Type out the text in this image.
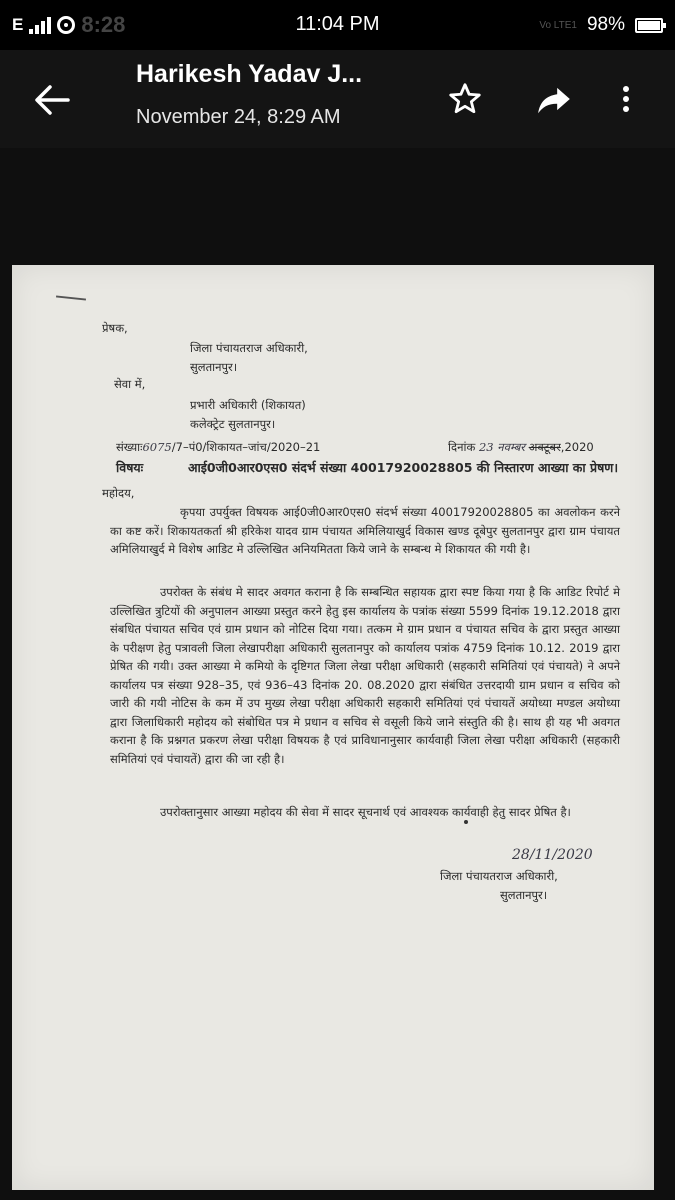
E	8:28	11:04 PM	Vo LTE1 98%
Harikesh Yadav J...
November 24, 8:29 AM
प्रेषक,
जिला पंचायतराज अधिकारी,
सुलतानपुर।
सेवा में,
प्रभारी अधिकारी (शिकायत)
कलेक्ट्रेट सुलतानपुर।
संख्याः6075/7–पं0/शिकायत–जांच/2020–21	दिनांक 23 नवम्बर अक्टूबर,2020
विषयः	आई0जी0आर0एस0 संदर्भ संख्या 40017920028805 की निस्तारण आख्या का प्रेषण।
महोदय,
कृपया उपर्युक्त विषयक आई0जी0आर0एस0 संदर्भ संख्या 40017920028805 का अवलोकन करने का कष्ट करें। शिकायतकर्ता श्री हरिकेश यादव ग्राम पंचायत अमिलियाखुर्द विकास खण्ड दूबेपुर सुलतानपुर द्वारा ग्राम पंचायत अमिलियाखुर्द मे विशेष आडिट मे उल्लिखित अनियमितता किये जाने के सम्बन्ध मे शिकायत की गयी है।
उपरोक्त के संबंध मे सादर अवगत कराना है कि सम्बन्धित सहायक द्वारा स्पष्ट किया गया है कि आडिट रिपोर्ट मे उल्लिखित त्रुटियों की अनुपालन आख्या प्रस्तुत करने हेतु इस कार्यालय के पत्रांक संख्या 5599 दिनांक 19.12.2018 द्वारा संबधित पंचायत सचिव एवं ग्राम प्रधान को नोटिस दिया गया। तत्कम मे ग्राम प्रधान व पंचायत सचिव के द्वारा प्रस्तुत आख्या के परीक्षण हेतु पत्रावली जिला लेखापरीक्षा अधिकारी सुलतानपुर को कार्यालय पत्रांक 4759 दिनांक 10.12. 2019 द्वारा प्रेषित की गयी। उक्त आख्या मे कमियो के दृष्टिगत जिला लेखा परीक्षा अधिकारी (सहकारी समितियां एवं पंचायते) ने अपने कार्यालय पत्र संख्या 928–35, एवं 936–43 दिनांक 20. 08.2020 द्वारा संबंधित उत्तरदायी ग्राम प्रधान व सचिव को जारी की गयी नोटिस के कम में उप मुख्य लेखा परीक्षा अधिकारी सहकारी समितियां एवं पंचायतें अयोध्या मण्डल अयोध्या द्वारा जिलाधिकारी महोदय को संबोधित पत्र मे प्रधान व सचिव से वसूली किये जाने संस्तुति की है। साथ ही यह भी अवगत कराना है कि प्रश्नगत प्रकरण लेखा परीक्षा विषयक है एवं प्राविधानानुसार कार्यवाही जिला लेखा परीक्षा अधिकारी (सहकारी समितियां एवं पंचायतें) द्वारा की जा रही है।
उपरोक्तानुसार आख्या महोदय की सेवा में सादर सूचनार्थ एवं आवश्यक कार्यवाही हेतु सादर प्रेषित है।
28/11/2020
जिला पंचायतराज अधिकारी,
सुलतानपुर।
